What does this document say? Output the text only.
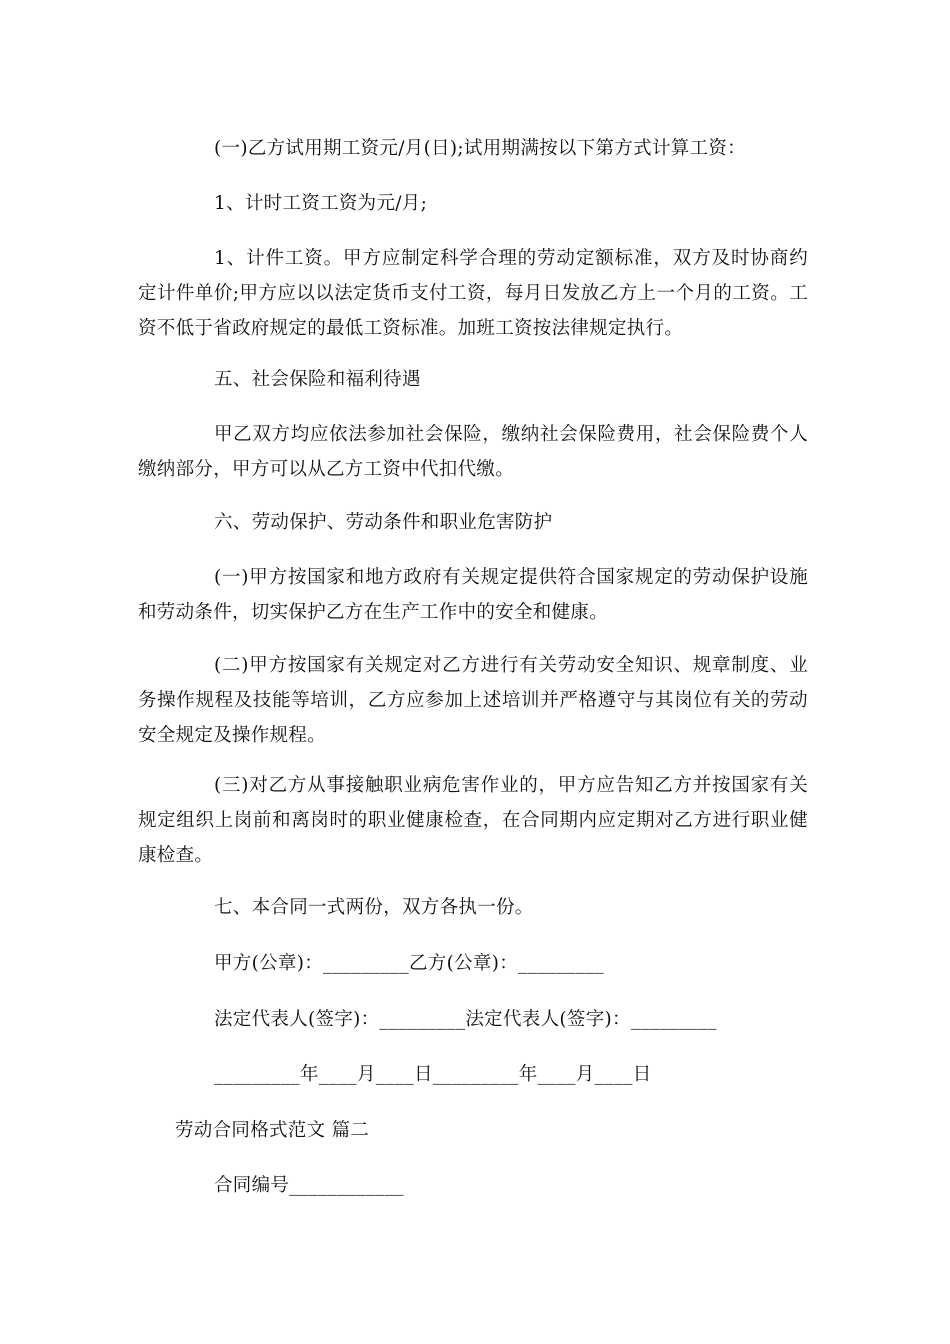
(一)乙方试用期工资元/月(日);试用期满按以下第方式计算工资：

1、计时工资工资为元/月;

1、计件工资。甲方应制定科学合理的劳动定额标准，双方及时协商约定计件单价;甲方应以以法定货币支付工资，每月日发放乙方上一个月的工资。工资不低于省政府规定的最低工资标准。加班工资按法律规定执行。

五、社会保险和福利待遇

甲乙双方均应依法参加社会保险，缴纳社会保险费用，社会保险费个人缴纳部分，甲方可以从乙方工资中代扣代缴。

六、劳动保护、劳动条件和职业危害防护

(一)甲方按国家和地方政府有关规定提供符合国家规定的劳动保护设施和劳动条件，切实保护乙方在生产工作中的安全和健康。

(二)甲方按国家有关规定对乙方进行有关劳动安全知识、规章制度、业务操作规程及技能等培训，乙方应参加上述培训并严格遵守与其岗位有关的劳动安全规定及操作规程。

(三)对乙方从事接触职业病危害作业的，甲方应告知乙方并按国家有关规定组织上岗前和离岗时的职业健康检查，在合同期内应定期对乙方进行职业健康检查。

七、本合同一式两份，双方各执一份。

甲方(公章)：_________乙方(公章)：_________
法定代表人(签字)：_________法定代表人(签字)：_________
_________年____月____日_________年____月____日
劳动合同格式范文 篇二
合同编号____________
